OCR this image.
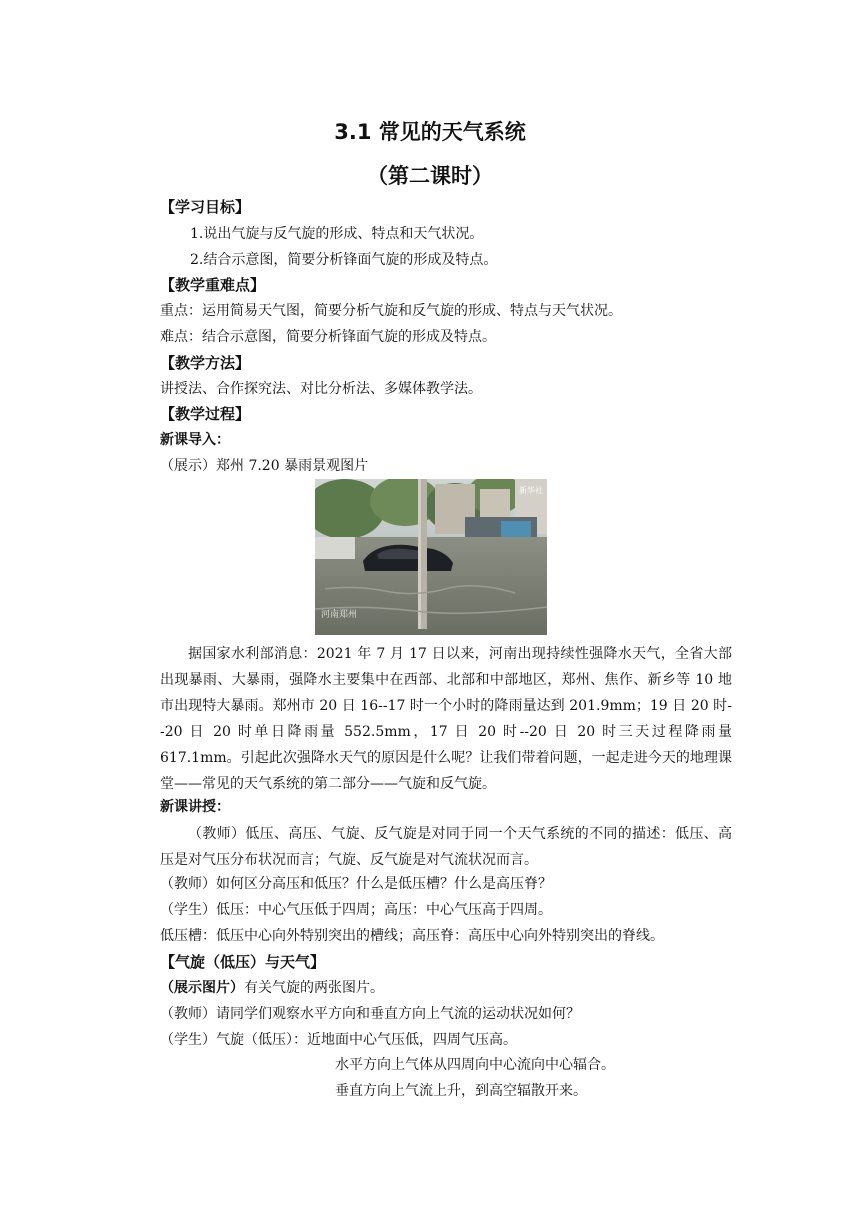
3.1 常见的天气系统
（第二课时）
【学习目标】
1.说出气旋与反气旋的形成、特点和天气状况。
2.结合示意图，简要分析锋面气旋的形成及特点。
【教学重难点】
重点：运用简易天气图，简要分析气旋和反气旋的形成、特点与天气状况。
难点：结合示意图，简要分析锋面气旋的形成及特点。
【教学方法】
讲授法、合作探究法、对比分析法、多媒体教学法。
【教学过程】
新课导入：
（展示）郑州 7.20 暴雨景观图片
新华社
河南郑州
据国家水利部消息：2021 年 7 月 17 日以来，河南出现持续性强降水天气，全省大部出现暴雨、大暴雨，强降水主要集中在西部、北部和中部地区，郑州、焦作、新乡等 10 地市出现特大暴雨。郑州市 20 日 16--17 时一个小时的降雨量达到 201.9mm；19 日 20 时--20 日 20 时单日降雨量 552.5mm，17 日 20 时--20 日 20 时三天过程降雨量 617.1mm。引起此次强降水天气的原因是什么呢？让我们带着问题，一起走进今天的地理课堂——常见的天气系统的第二部分——气旋和反气旋。
新课讲授：
（教师）低压、高压、气旋、反气旋是对同于同一个天气系统的不同的描述：低压、高压是对气压分布状况而言；气旋、反气旋是对气流状况而言。
（教师）如何区分高压和低压？什么是低压槽？什么是高压脊？
（学生）低压：中心气压低于四周；高压：中心气压高于四周。
低压槽：低压中心向外特别突出的槽线；高压脊：高压中心向外特别突出的脊线。
【气旋（低压）与天气】
（展示图片）有关气旋的两张图片。
（教师）请同学们观察水平方向和垂直方向上气流的运动状况如何？
（学生）气旋（低压）：近地面中心气压低，四周气压高。
水平方向上气体从四周向中心流向中心辐合。
垂直方向上气流上升，到高空辐散开来。
